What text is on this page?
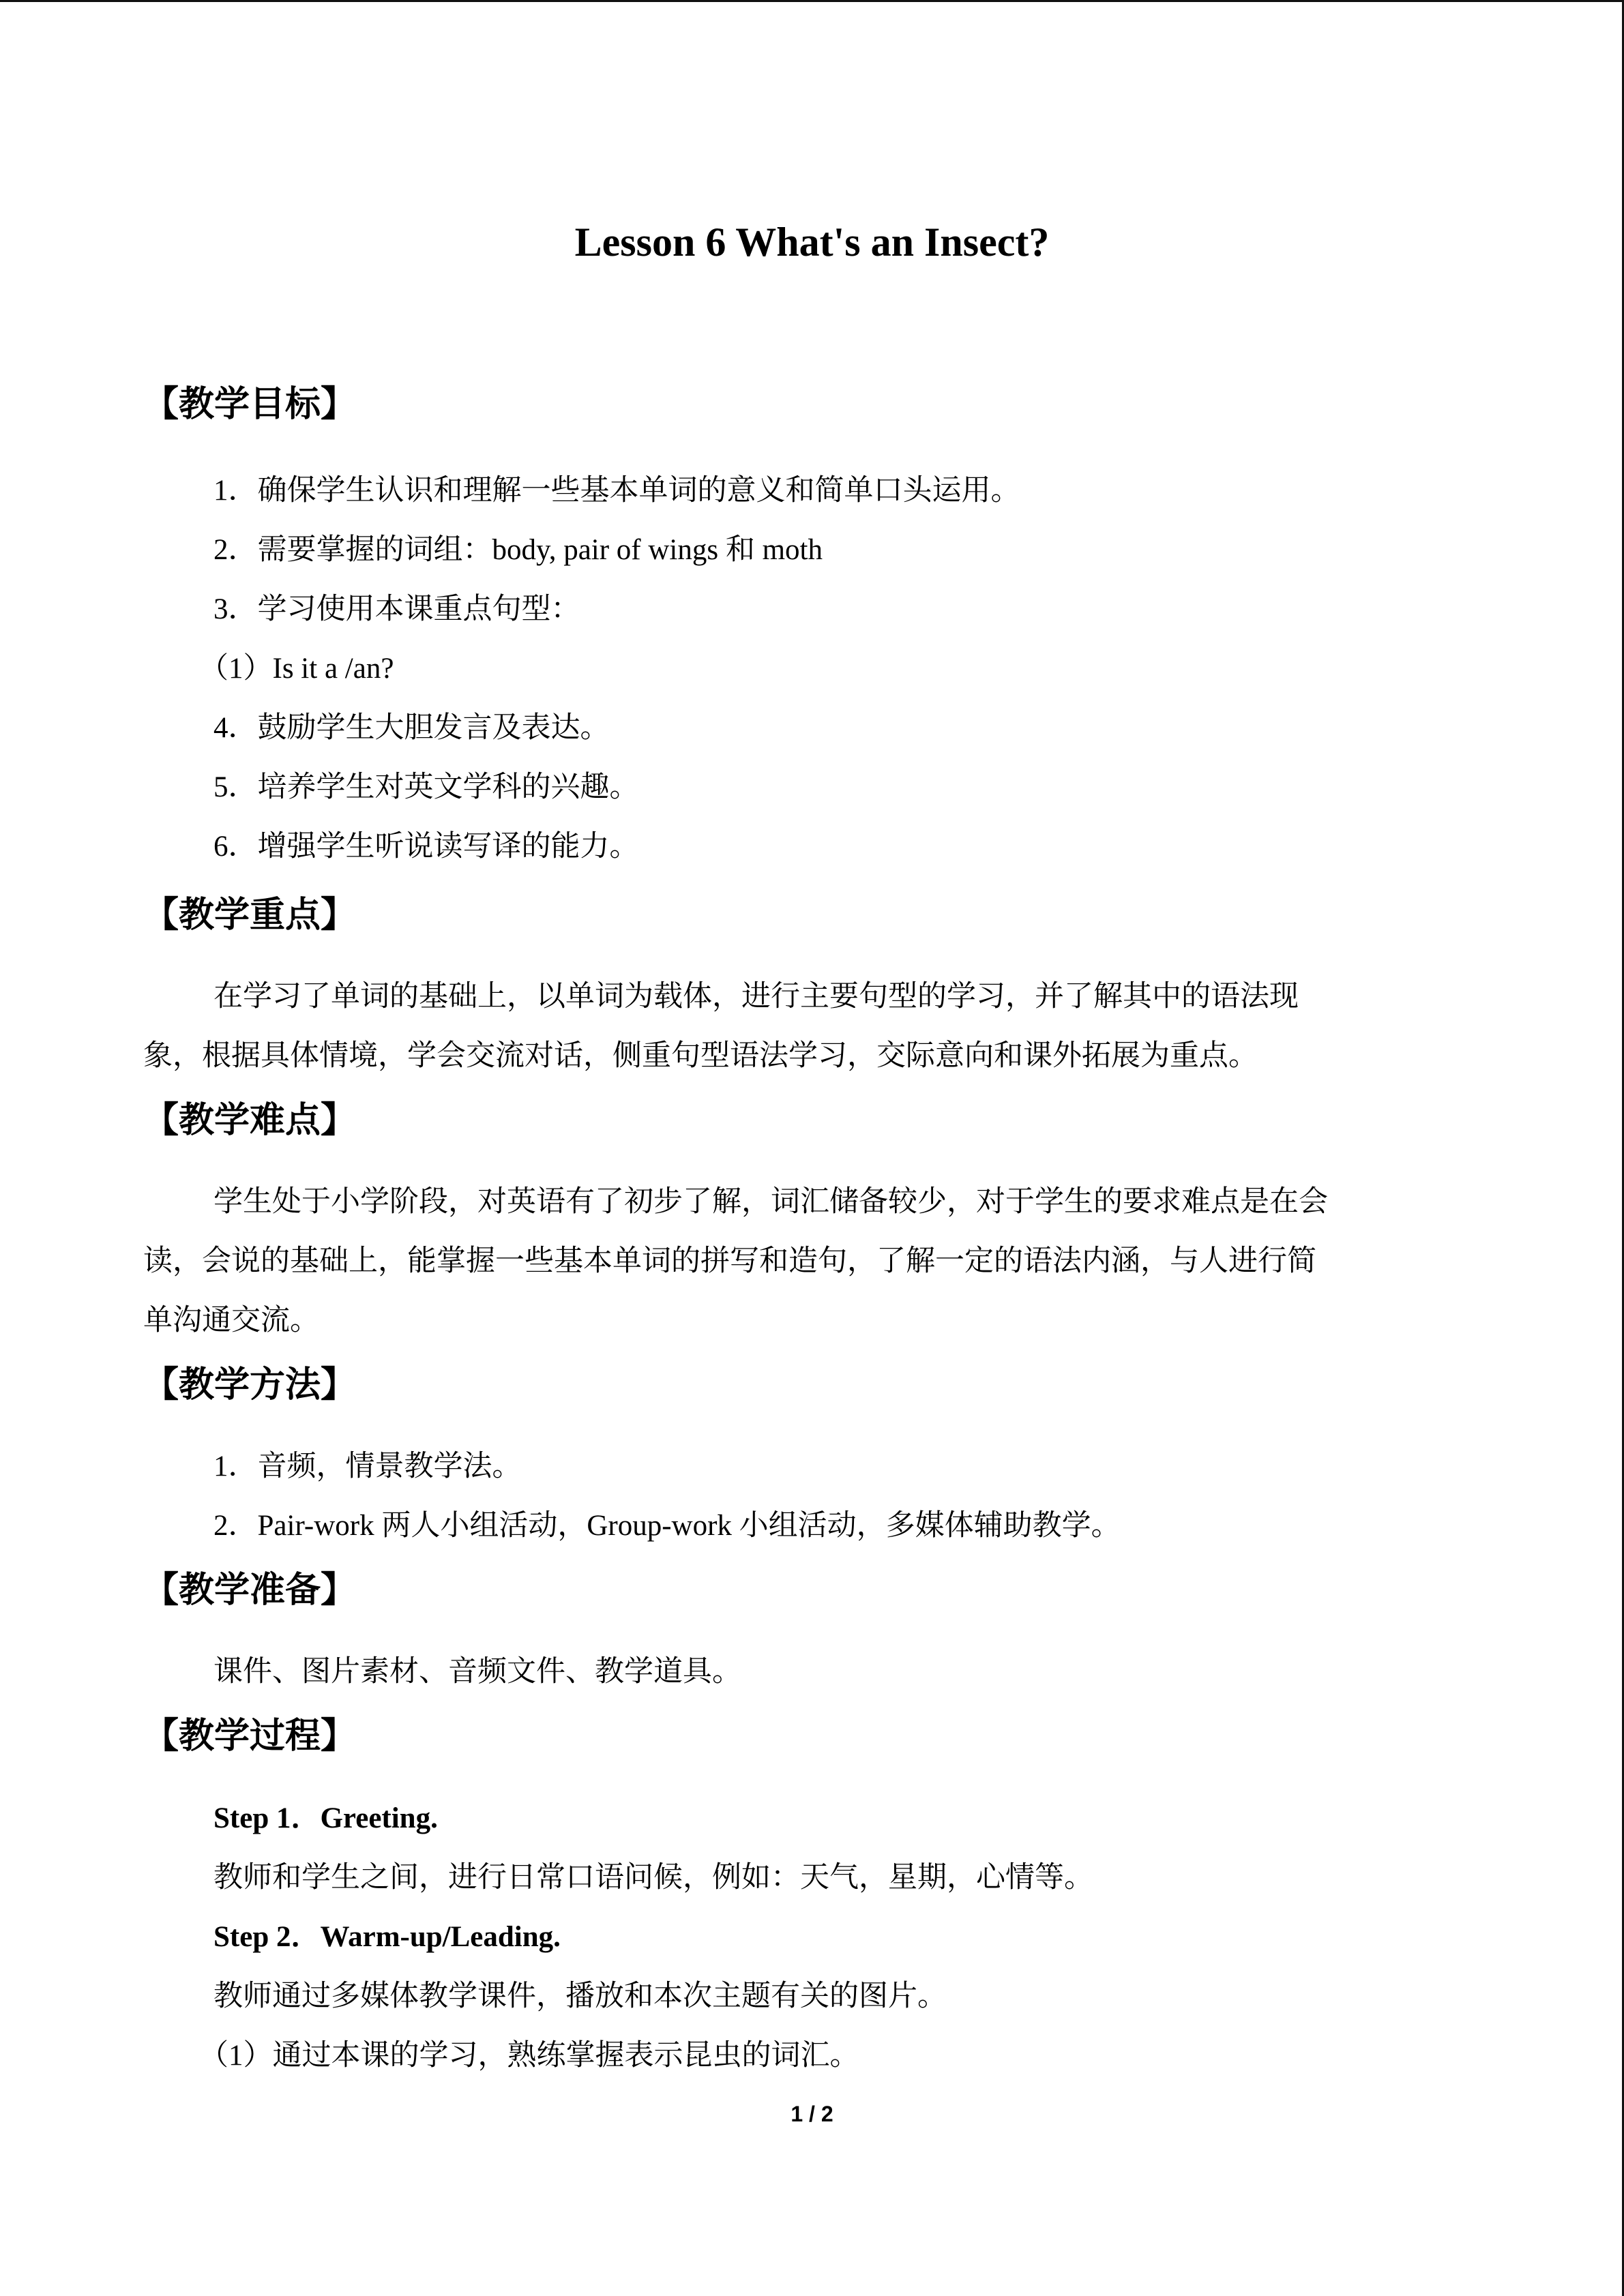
Lesson 6 What's an Insect?
【教学目标】
1．确保学生认识和理解一些基本单词的意义和简单口头运用。
2．需要掌握的词组：body, pair of wings 和 moth
3．学习使用本课重点句型：
（1）Is it a /an?
4．鼓励学生大胆发言及表达。
5．培养学生对英文学科的兴趣。
6．增强学生听说读写译的能力。
【教学重点】
在学习了单词的基础上，以单词为载体，进行主要句型的学习，并了解其中的语法现
象，根据具体情境，学会交流对话，侧重句型语法学习，交际意向和课外拓展为重点。
【教学难点】
学生处于小学阶段，对英语有了初步了解，词汇储备较少，对于学生的要求难点是在会
读，会说的基础上，能掌握一些基本单词的拼写和造句，了解一定的语法内涵，与人进行简
单沟通交流。
【教学方法】
1．音频，情景教学法。
2．Pair-work 两人小组活动，Group-work 小组活动，多媒体辅助教学。
【教学准备】
课件、图片素材、音频文件、教学道具。
【教学过程】
Step 1．Greeting.
教师和学生之间，进行日常口语问候，例如：天气，星期，心情等。
Step 2．Warm-up/Leading.
教师通过多媒体教学课件，播放和本次主题有关的图片。
（1）通过本课的学习，熟练掌握表示昆虫的词汇。
1 / 2
